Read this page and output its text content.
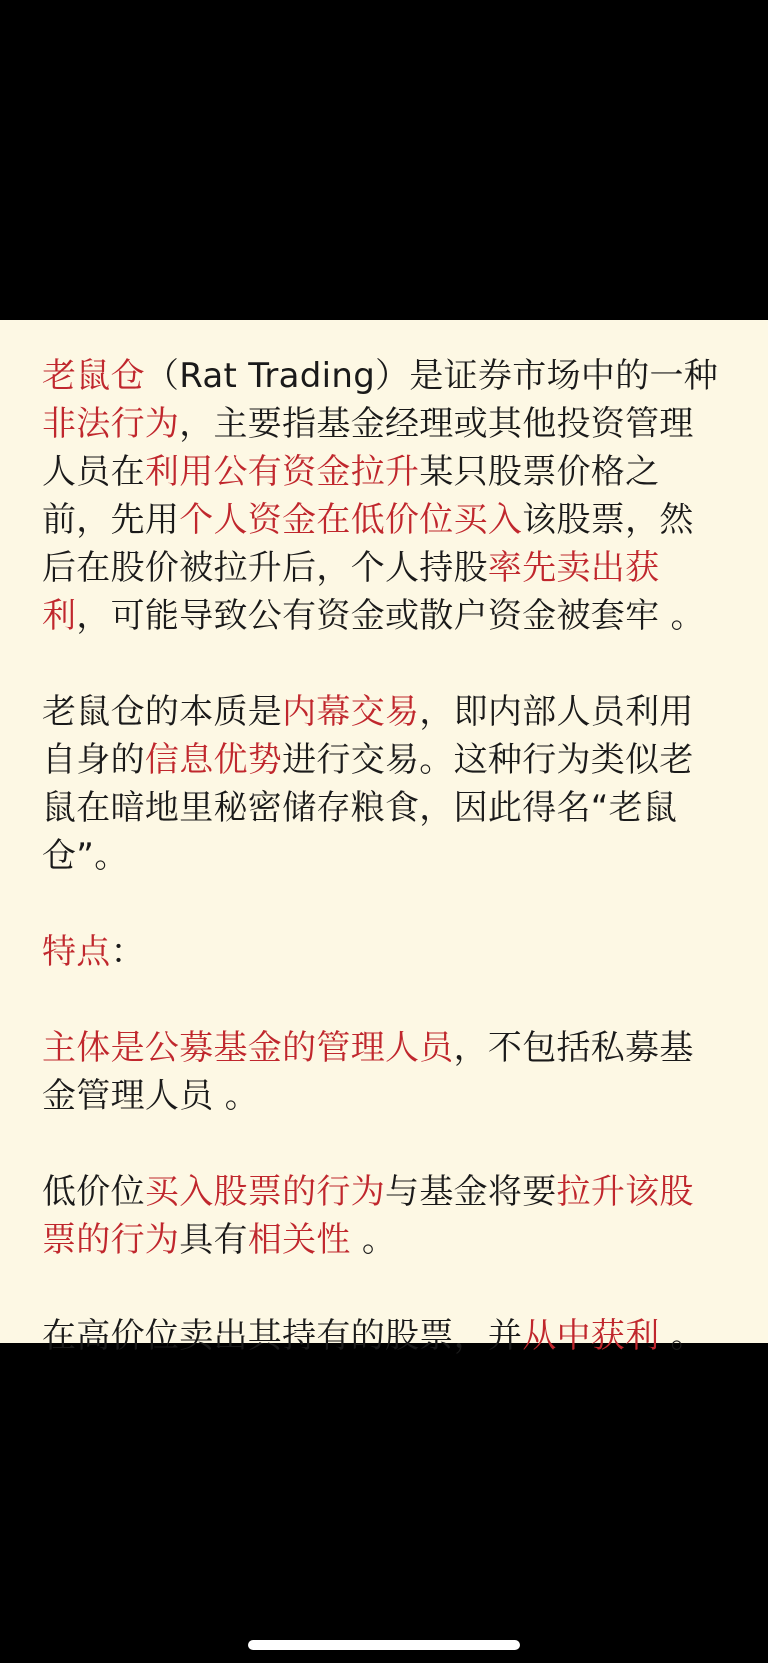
老鼠仓（Rat Trading）是证券市场中的一种非法行为，主要指基金经理或其他投资管理人员在利用公有资金拉升某只股票价格之前，先用个人资金在低价位买入该股票，然后在股价被拉升后，个人持股率先卖出获利，可能导致公有资金或散户资金被套牢 。

老鼠仓的本质是内幕交易，即内部人员利用自身的信息优势进行交易。这种行为类似老鼠在暗地里秘密储存粮食，因此得名“老鼠仓”。

特点：

主体是公募基金的管理人员，不包括私募基金管理人员 。

低价位买入股票的行为与基金将要拉升该股票的行为具有相关性 。

在高价位卖出其持有的股票，并从中获利 。
